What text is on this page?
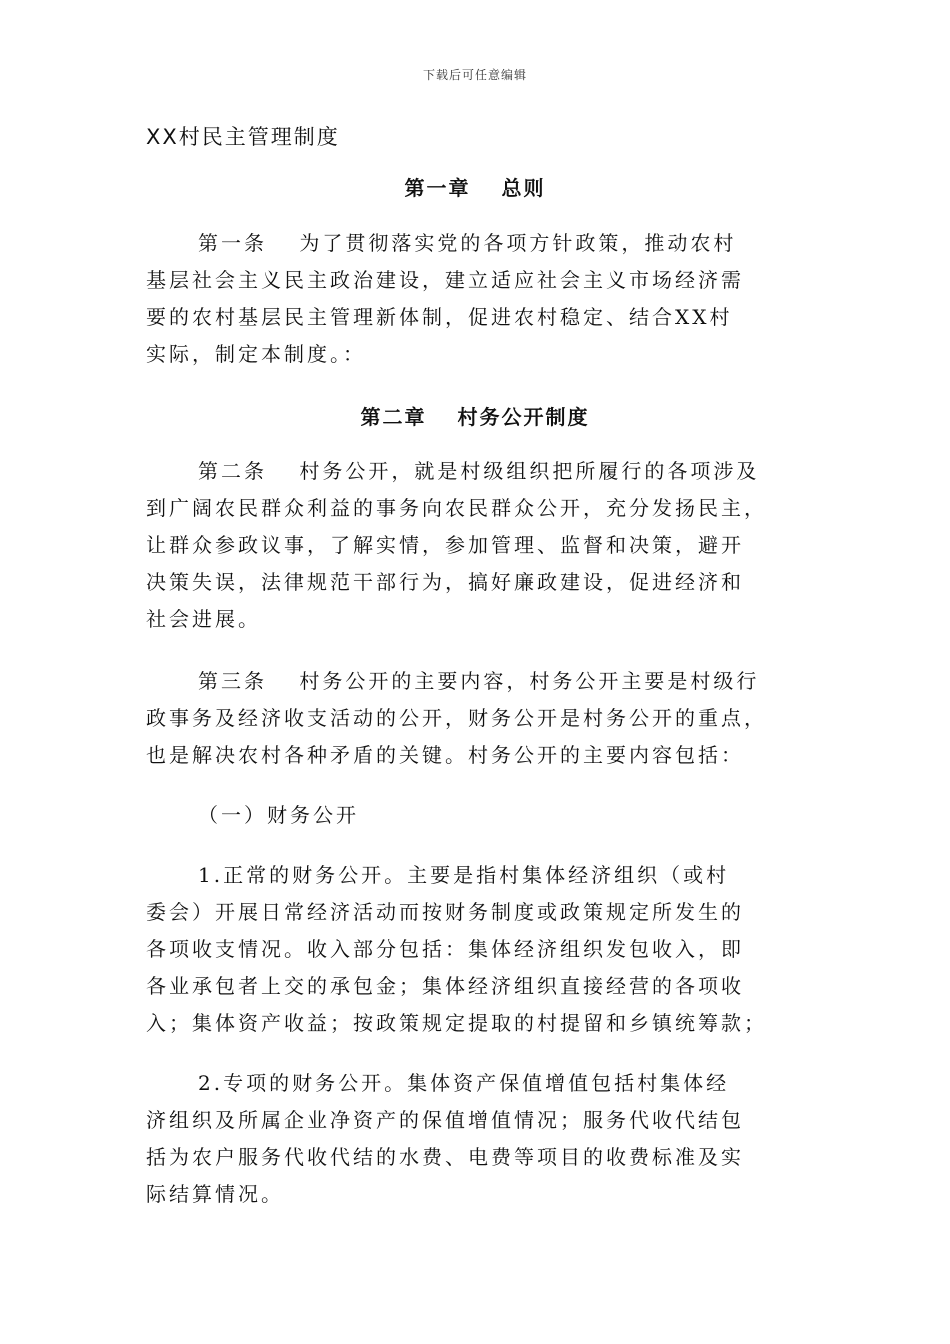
下载后可任意编辑
XX村民主管理制度
第一章　 总则
第一条　 为了贯彻落实党的各项方针政策，推动农村
基层社会主义民主政治建设，建立适应社会主义市场经济需
要的农村基层民主管理新体制，促进农村稳定、结合XX村
实际，制定本制度。：
第二章　 村务公开制度
第二条　 村务公开，就是村级组织把所履行的各项涉及
到广阔农民群众利益的事务向农民群众公开，充分发扬民主，
让群众参政议事，了解实情，参加管理、监督和决策，避开
决策失误，法律规范干部行为，搞好廉政建设，促进经济和
社会进展。
第三条　 村务公开的主要内容，村务公开主要是村级行
政事务及经济收支活动的公开，财务公开是村务公开的重点，
也是解决农村各种矛盾的关键。村务公开的主要内容包括：
（一）财务公开
1.正常的财务公开。主要是指村集体经济组织（或村
委会）开展日常经济活动而按财务制度或政策规定所发生的
各项收支情况。收入部分包括：集体经济组织发包收入，即
各业承包者上交的承包金；集体经济组织直接经营的各项收
入；集体资产收益；按政策规定提取的村提留和乡镇统筹款；
2.专项的财务公开。集体资产保值增值包括村集体经
济组织及所属企业净资产的保值增值情况；服务代收代结包
括为农户服务代收代结的水费、电费等项目的收费标准及实
际结算情况。
